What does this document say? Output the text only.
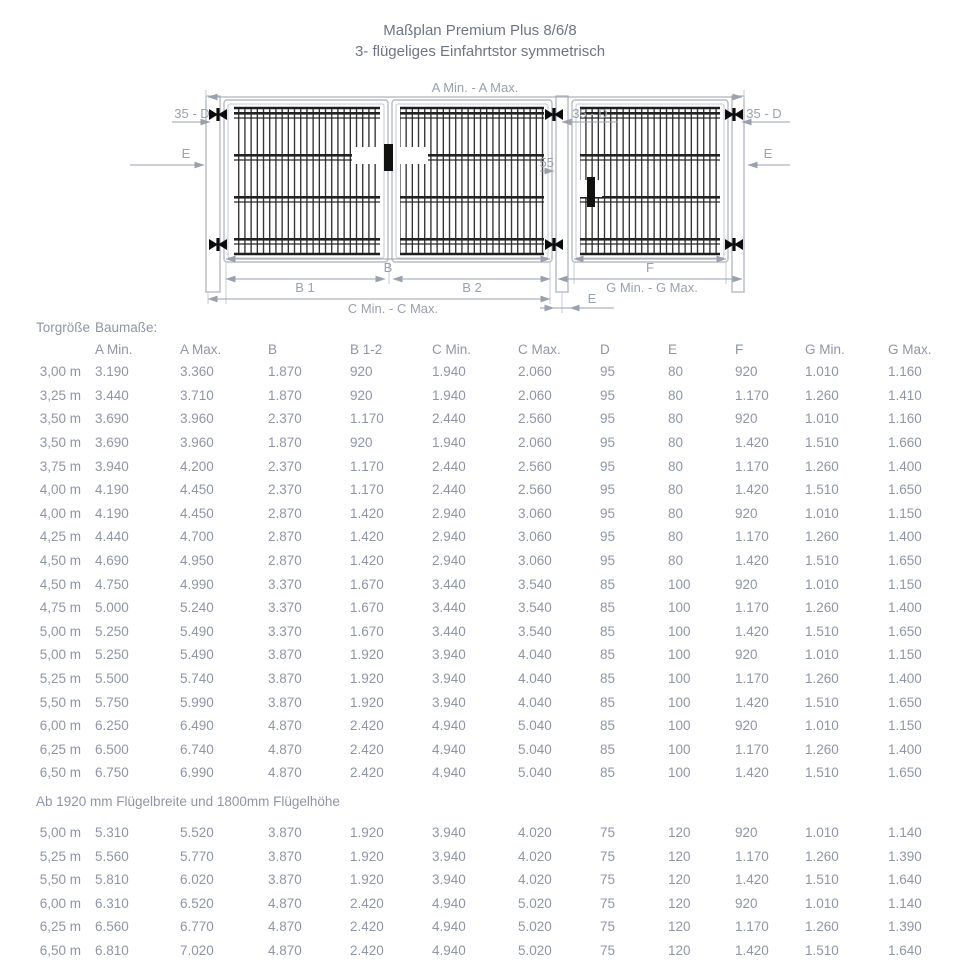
Maßplan Premium Plus 8/6/8
3- flügeliges Einfahrtstor symmetrisch
A Min. - A Max.
35 - D	35 - D	35 - D
E	E
55
B
B 1	B 2
C Min. - C Max.
F
G Min. - G Max.
E
Torgröße Baumaße:
A Min.	A Max.	B	B 1-2	C Min.	C Max.	D	E	F	G Min.	G Max.
3,00 m	3.190	3.360	1.870	920	1.940	2.060	95	80	920	1.010	1.160
3,25 m	3.440	3.710	1.870	920	1.940	2.060	95	80	1.170	1.260	1.410
3,50 m	3.690	3.960	2.370	1.170	2.440	2.560	95	80	920	1.010	1.160
3,50 m	3.690	3.960	1.870	920	1.940	2.060	95	80	1.420	1.510	1.660
3,75 m	3.940	4.200	2.370	1.170	2.440	2.560	95	80	1.170	1.260	1.400
4,00 m	4.190	4.450	2.370	1.170	2.440	2.560	95	80	1.420	1.510	1.650
4,00 m	4.190	4.450	2.870	1.420	2.940	3.060	95	80	920	1.010	1.150
4,25 m	4.440	4.700	2.870	1.420	2.940	3.060	95	80	1.170	1.260	1.400
4,50 m	4.690	4.950	2.870	1.420	2.940	3.060	95	80	1.420	1.510	1.650
4,50 m	4.750	4.990	3.370	1.670	3.440	3.540	85	100	920	1.010	1.150
4,75 m	5.000	5.240	3.370	1.670	3.440	3.540	85	100	1.170	1.260	1.400
5,00 m	5.250	5.490	3.370	1.670	3.440	3.540	85	100	1.420	1.510	1.650
5,00 m	5.250	5.490	3.870	1.920	3.940	4.040	85	100	920	1.010	1.150
5,25 m	5.500	5.740	3.870	1.920	3.940	4.040	85	100	1.170	1.260	1.400
5,50 m	5.750	5.990	3.870	1.920	3.940	4.040	85	100	1.420	1.510	1.650
6,00 m	6.250	6.490	4.870	2.420	4.940	5.040	85	100	920	1.010	1.150
6,25 m	6.500	6.740	4.870	2.420	4.940	5.040	85	100	1.170	1.260	1.400
6,50 m	6.750	6.990	4.870	2.420	4.940	5.040	85	100	1.420	1.510	1.650
Ab 1920 mm Flügelbreite und 1800mm Flügelhöhe
5,00 m	5.310	5.520	3.870	1.920	3.940	4.020	75	120	920	1.010	1.140
5,25 m	5.560	5.770	3.870	1.920	3.940	4.020	75	120	1.170	1.260	1.390
5,50 m	5.810	6.020	3.870	1.920	3.940	4.020	75	120	1.420	1.510	1.640
6,00 m	6.310	6.520	4.870	2.420	4.940	5.020	75	120	920	1.010	1.140
6,25 m	6.560	6.770	4.870	2.420	4.940	5.020	75	120	1.170	1.260	1.390
6,50 m	6.810	7.020	4.870	2.420	4.940	5.020	75	120	1.420	1.510	1.640
